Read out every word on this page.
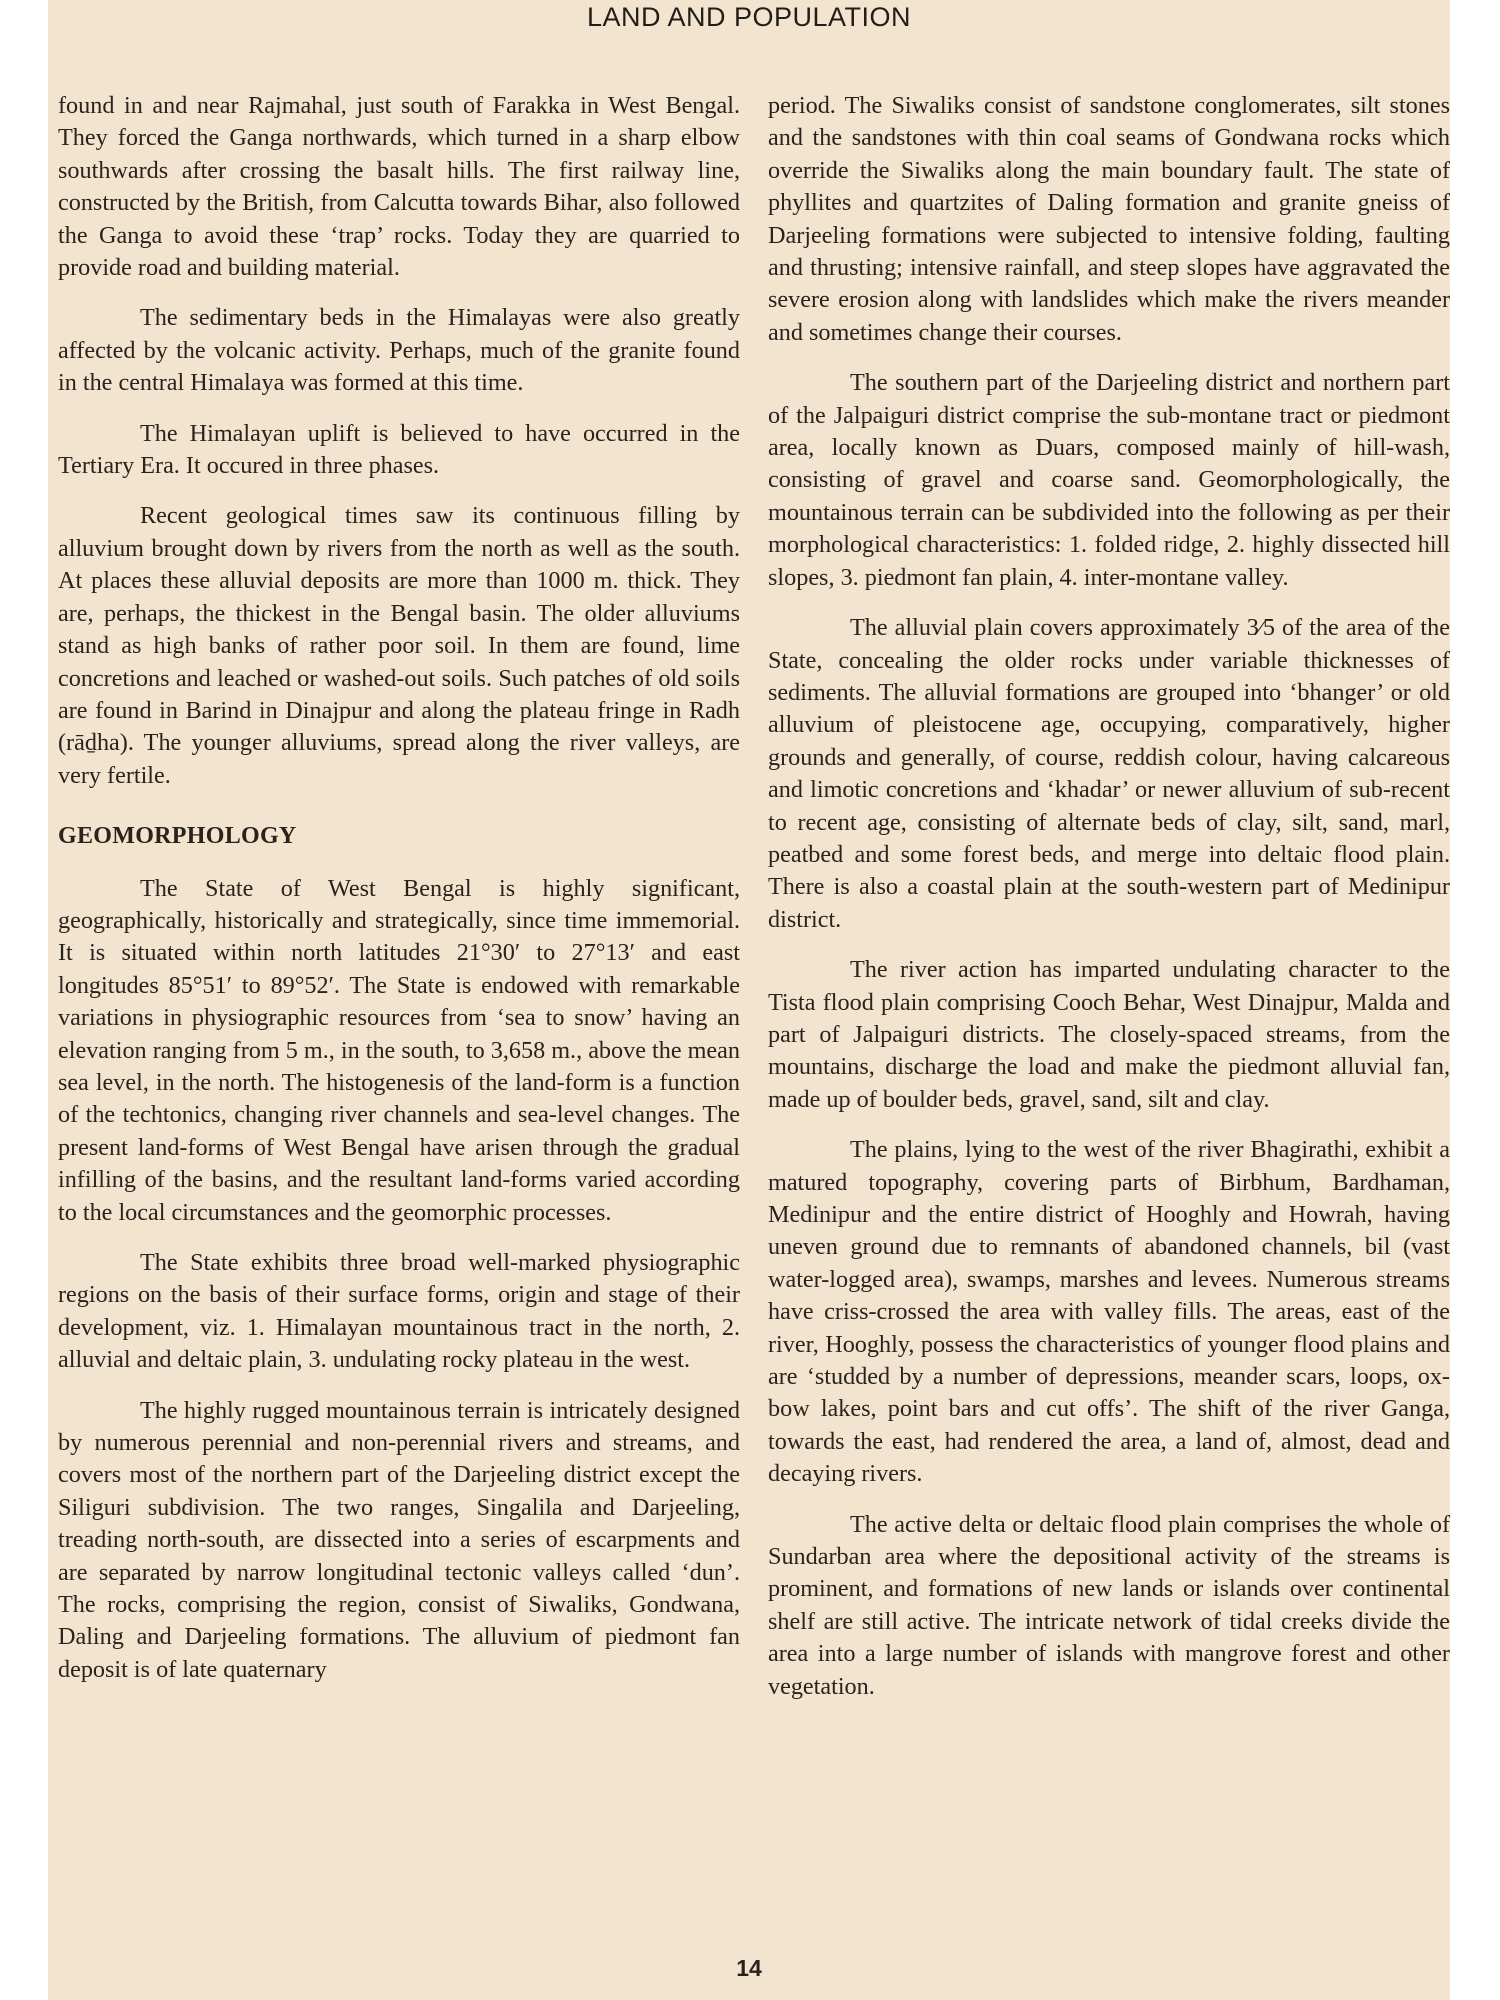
LAND AND POPULATION

found in and near Rajmahal, just south of Farakka in West Bengal. They forced the Ganga northwards, which turned in a sharp elbow southwards after crossing the basalt hills. The first railway line, constructed by the British, from Calcutta towards Bihar, also followed the Ganga to avoid these ‘trap’ rocks. Today they are quarried to provide road and building material.

The sedimentary beds in the Himalayas were also greatly affected by the volcanic activity. Perhaps, much of the granite found in the central Himalaya was formed at this time.

The Himalayan uplift is believed to have occurred in the Tertiary Era. It occured in three phases.

Recent geological times saw its continuous filling by alluvium brought down by rivers from the north as well as the south. At places these alluvial deposits are more than 1000 m. thick. They are, perhaps, the thickest in the Bengal basin. The older alluviums stand as high banks of rather poor soil. In them are found, lime concretions and leached or washed-out soils. Such patches of old soils are found in Barind in Dinajpur and along the plateau fringe in Radh (rāḏha). The younger alluviums, spread along the river valleys, are very fertile.

GEOMORPHOLOGY

The State of West Bengal is highly significant, geographically, historically and strategically, since time immemorial. It is situated within north latitudes 21°30′ to 27°13′ and east longitudes 85°51′ to 89°52′. The State is endowed with remarkable variations in physiographic resources from ‘sea to snow’ having an elevation ranging from 5 m., in the south, to 3,658 m., above the mean sea level, in the north. The histogenesis of the land-form is a function of the techtonics, changing river channels and sea-level changes. The present land-forms of West Bengal have arisen through the gradual infilling of the basins, and the resultant land-forms varied according to the local circumstances and the geomorphic processes.

The State exhibits three broad well-marked physiographic regions on the basis of their surface forms, origin and stage of their development, viz. 1. Himalayan mountainous tract in the north, 2. alluvial and deltaic plain, 3. undulating rocky plateau in the west.

The highly rugged mountainous terrain is intricately designed by numerous perennial and non-perennial rivers and streams, and covers most of the northern part of the Darjeeling district except the Siliguri subdivision. The two ranges, Singalila and Darjeeling, treading north-south, are dissected into a series of escarpments and are separated by narrow longitudinal tectonic valleys called ‘dun’. The rocks, comprising the region, consist of Siwaliks, Gondwana, Daling and Darjeeling formations. The alluvium of piedmont fan deposit is of late quaternary

period. The Siwaliks consist of sandstone conglomerates, silt stones and the sandstones with thin coal seams of Gondwana rocks which override the Siwaliks along the main boundary fault. The state of phyllites and quartzites of Daling formation and granite gneiss of Darjeeling formations were subjected to intensive folding, faulting and thrusting; intensive rainfall, and steep slopes have aggravated the severe erosion along with landslides which make the rivers meander and sometimes change their courses.

The southern part of the Darjeeling district and northern part of the Jalpaiguri district comprise the sub-montane tract or piedmont area, locally known as Duars, composed mainly of hill-wash, consisting of gravel and coarse sand. Geomorphologically, the mountainous terrain can be subdivided into the following as per their morphological characteristics: 1. folded ridge, 2. highly dissected hill slopes, 3. piedmont fan plain, 4. inter-montane valley.

The alluvial plain covers approximately 3⁄5 of the area of the State, concealing the older rocks under variable thicknesses of sediments. The alluvial formations are grouped into ‘bhanger’ or old alluvium of pleistocene age, occupying, comparatively, higher grounds and generally, of course, reddish colour, having calcareous and limotic concretions and ‘khadar’ or newer alluvium of sub-recent to recent age, consisting of alternate beds of clay, silt, sand, marl, peatbed and some forest beds, and merge into deltaic flood plain. There is also a coastal plain at the south-western part of Medinipur district.

The river action has imparted undulating character to the Tista flood plain comprising Cooch Behar, West Dinajpur, Malda and part of Jalpaiguri districts. The closely-spaced streams, from the mountains, discharge the load and make the piedmont alluvial fan, made up of boulder beds, gravel, sand, silt and clay.

The plains, lying to the west of the river Bhagirathi, exhibit a matured topography, covering parts of Birbhum, Bardhaman, Medinipur and the entire district of Hooghly and Howrah, having uneven ground due to remnants of abandoned channels, bil (vast water-logged area), swamps, marshes and levees. Numerous streams have criss-crossed the area with valley fills. The areas, east of the river, Hooghly, possess the characteristics of younger flood plains and are ‘studded by a number of depressions, meander scars, loops, ox-bow lakes, point bars and cut offs’. The shift of the river Ganga, towards the east, had rendered the area, a land of, almost, dead and decaying rivers.

The active delta or deltaic flood plain comprises the whole of Sundarban area where the depositional activity of the streams is prominent, and formations of new lands or islands over continental shelf are still active. The intricate network of tidal creeks divide the area into a large number of islands with mangrove forest and other vegetation.

14
